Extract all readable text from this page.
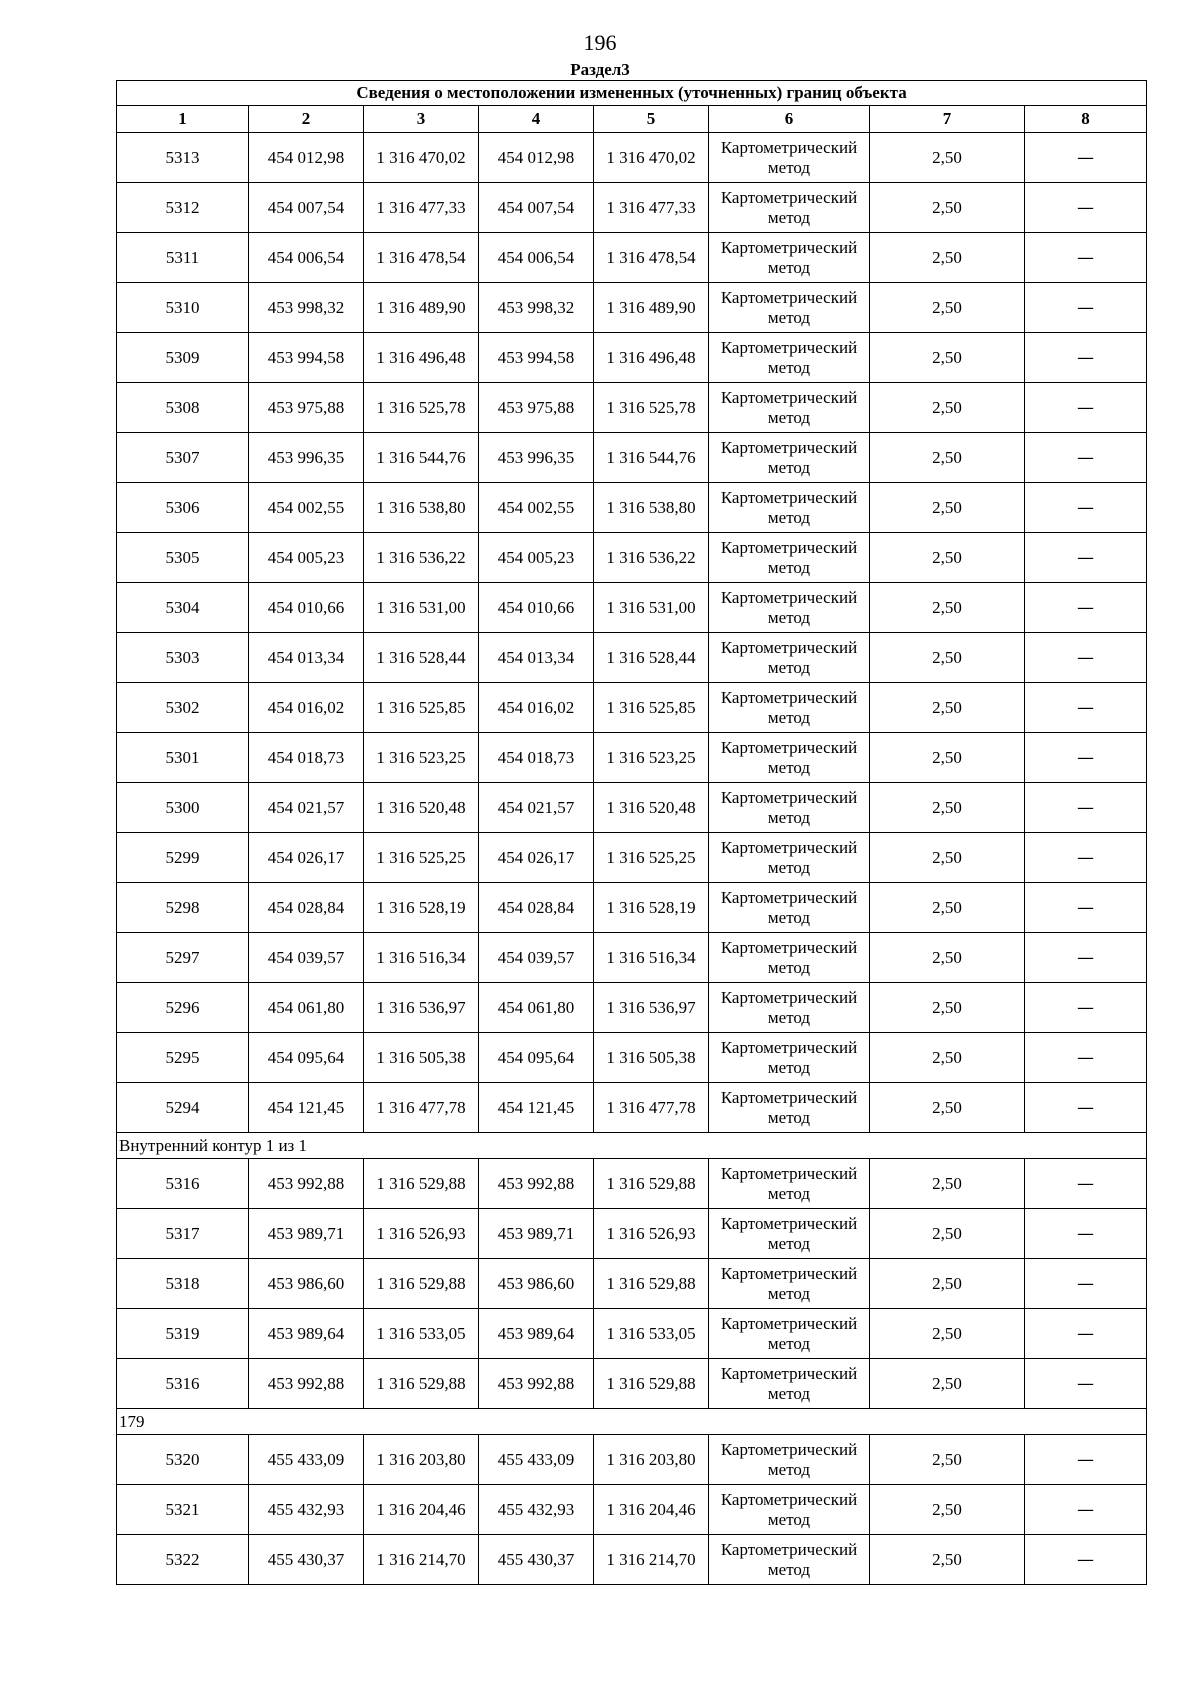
196
Раздел3
Сведения о местоположении измененных (уточненных) границ объекта							
1	2	3	4	5	6	7	8
5313	454 012,98	1 316 470,02	454 012,98	1 316 470,02	Картометрический метод	2,50	—
5312	454 007,54	1 316 477,33	454 007,54	1 316 477,33	Картометрический метод	2,50	—
5311	454 006,54	1 316 478,54	454 006,54	1 316 478,54	Картометрический метод	2,50	—
5310	453 998,32	1 316 489,90	453 998,32	1 316 489,90	Картометрический метод	2,50	—
5309	453 994,58	1 316 496,48	453 994,58	1 316 496,48	Картометрический метод	2,50	—
5308	453 975,88	1 316 525,78	453 975,88	1 316 525,78	Картометрический метод	2,50	—
5307	453 996,35	1 316 544,76	453 996,35	1 316 544,76	Картометрический метод	2,50	—
5306	454 002,55	1 316 538,80	454 002,55	1 316 538,80	Картометрический метод	2,50	—
5305	454 005,23	1 316 536,22	454 005,23	1 316 536,22	Картометрический метод	2,50	—
5304	454 010,66	1 316 531,00	454 010,66	1 316 531,00	Картометрический метод	2,50	—
5303	454 013,34	1 316 528,44	454 013,34	1 316 528,44	Картометрический метод	2,50	—
5302	454 016,02	1 316 525,85	454 016,02	1 316 525,85	Картометрический метод	2,50	—
5301	454 018,73	1 316 523,25	454 018,73	1 316 523,25	Картометрический метод	2,50	—
5300	454 021,57	1 316 520,48	454 021,57	1 316 520,48	Картометрический метод	2,50	—
5299	454 026,17	1 316 525,25	454 026,17	1 316 525,25	Картометрический метод	2,50	—
5298	454 028,84	1 316 528,19	454 028,84	1 316 528,19	Картометрический метод	2,50	—
5297	454 039,57	1 316 516,34	454 039,57	1 316 516,34	Картометрический метод	2,50	—
5296	454 061,80	1 316 536,97	454 061,80	1 316 536,97	Картометрический метод	2,50	—
5295	454 095,64	1 316 505,38	454 095,64	1 316 505,38	Картометрический метод	2,50	—
5294	454 121,45	1 316 477,78	454 121,45	1 316 477,78	Картометрический метод	2,50	—
Внутренний контур 1 из 1							
5316	453 992,88	1 316 529,88	453 992,88	1 316 529,88	Картометрический метод	2,50	—
5317	453 989,71	1 316 526,93	453 989,71	1 316 526,93	Картометрический метод	2,50	—
5318	453 986,60	1 316 529,88	453 986,60	1 316 529,88	Картометрический метод	2,50	—
5319	453 989,64	1 316 533,05	453 989,64	1 316 533,05	Картометрический метод	2,50	—
5316	453 992,88	1 316 529,88	453 992,88	1 316 529,88	Картометрический метод	2,50	—
179							
5320	455 433,09	1 316 203,80	455 433,09	1 316 203,80	Картометрический метод	2,50	—
5321	455 432,93	1 316 204,46	455 432,93	1 316 204,46	Картометрический метод	2,50	—
5322	455 430,37	1 316 214,70	455 430,37	1 316 214,70	Картометрический метод	2,50	—
